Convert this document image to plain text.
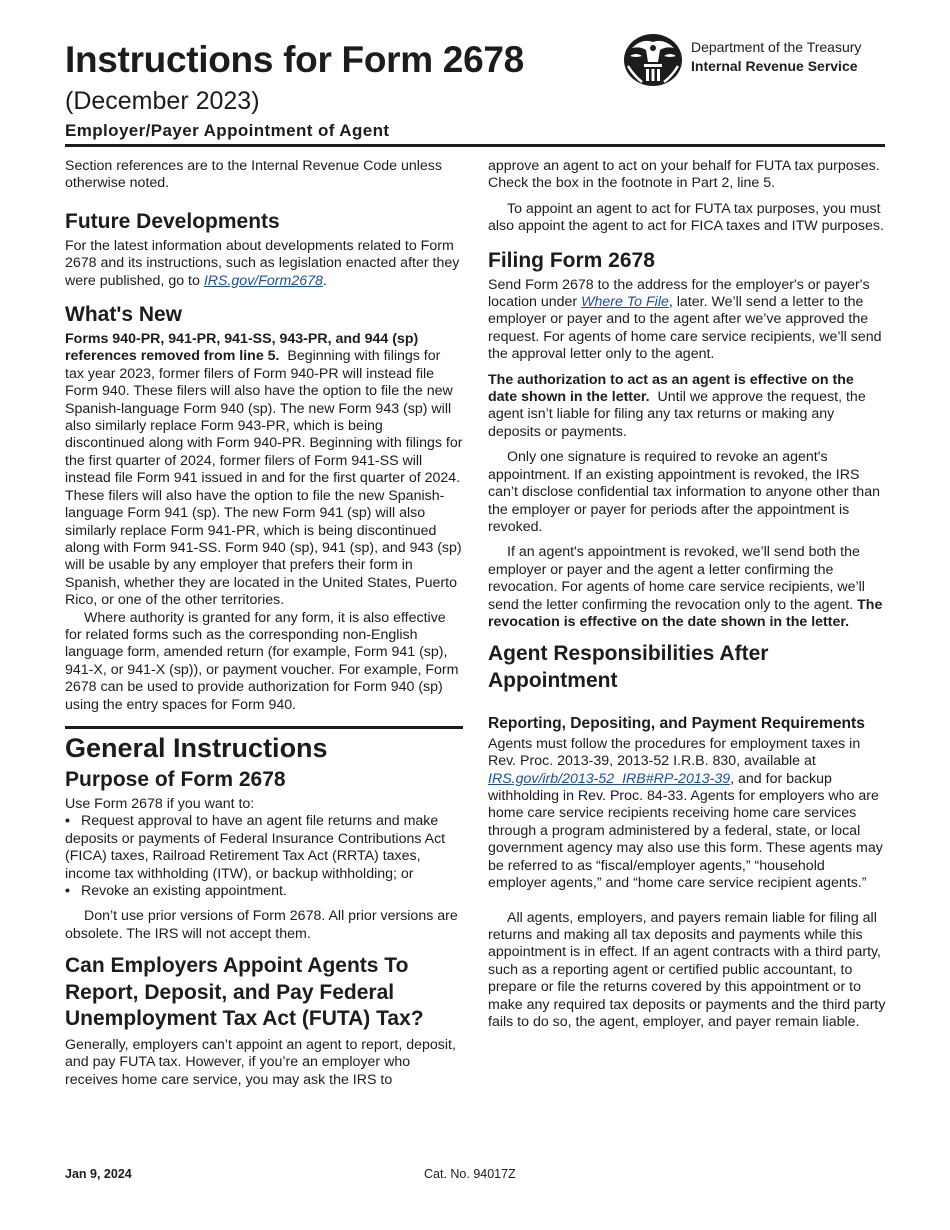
Instructions for Form 2678
(December 2023)
Employer/Payer Appointment of Agent
Department of the Treasury
Internal Revenue Service

Section references are to the Internal Revenue Code unless otherwise noted.

Future Developments

For the latest information about developments related to Form 2678 and its instructions, such as legislation enacted after they were published, go to IRS.gov/Form2678.

What's New

Forms 940-PR, 941-PR, 941-SS, 943-PR, and 944 (sp) references removed from line 5. Beginning with filings for tax year 2023, former filers of Form 940-PR will instead file Form 940. These filers will also have the option to file the new Spanish-language Form 940 (sp). The new Form 943 (sp) will also similarly replace Form 943-PR, which is being discontinued along with Form 940-PR. Beginning with filings for the first quarter of 2024, former filers of Form 941-SS will instead file Form 941 issued in and for the first quarter of 2024. These filers will also have the option to file the new Spanish-language Form 941 (sp). The new Form 941 (sp) will also similarly replace Form 941-PR, which is being discontinued along with Form 941-SS. Form 940 (sp), 941 (sp), and 943 (sp) will be usable by any employer that prefers their form in Spanish, whether they are located in the United States, Puerto Rico, or one of the other territories.

Where authority is granted for any form, it is also effective for related forms such as the corresponding non-English language form, amended return (for example, Form 941 (sp), 941-X, or 941-X (sp)), or payment voucher. For example, Form 2678 can be used to provide authorization for Form 940 (sp) using the entry spaces for Form 940.

General Instructions
Purpose of Form 2678

Use Form 2678 if you want to:

• Request approval to have an agent file returns and make deposits or payments of Federal Insurance Contributions Act (FICA) taxes, Railroad Retirement Tax Act (RRTA) taxes, income tax withholding (ITW), or backup withholding; or

• Revoke an existing appointment.

Don’t use prior versions of Form 2678. All prior versions are obsolete. The IRS will not accept them.

Can Employers Appoint Agents To Report, Deposit, and Pay Federal Unemployment Tax Act (FUTA) Tax?

Generally, employers can’t appoint an agent to report, deposit, and pay FUTA tax. However, if you’re an employer who receives home care service, you may ask the IRS to

approve an agent to act on your behalf for FUTA tax purposes. Check the box in the footnote in Part 2, line 5.

To appoint an agent to act for FUTA tax purposes, you must also appoint the agent to act for FICA taxes and ITW purposes.

Filing Form 2678

Send Form 2678 to the address for the employer's or payer's location under Where To File, later. We’ll send a letter to the employer or payer and to the agent after we’ve approved the request. For agents of home care service recipients, we’ll send the approval letter only to the agent.

The authorization to act as an agent is effective on the date shown in the letter. Until we approve the request, the agent isn’t liable for filing any tax returns or making any deposits or payments.

Only one signature is required to revoke an agent's appointment. If an existing appointment is revoked, the IRS can’t disclose confidential tax information to anyone other than the employer or payer for periods after the appointment is revoked.

If an agent's appointment is revoked, we’ll send both the employer or payer and the agent a letter confirming the revocation. For agents of home care service recipients, we’ll send the letter confirming the revocation only to the agent. The revocation is effective on the date shown in the letter.

Agent Responsibilities After Appointment
Reporting, Depositing, and Payment Requirements

Agents must follow the procedures for employment taxes in Rev. Proc. 2013-39, 2013-52 I.R.B. 830, available at IRS.gov/irb/2013-52_IRB#RP-2013-39, and for backup withholding in Rev. Proc. 84-33. Agents for employers who are home care service recipients receiving home care services through a program administered by a federal, state, or local government agency may also use this form. These agents may be referred to as “fiscal/employer agents,” “household employer agents,” and “home care service recipient agents.”

All agents, employers, and payers remain liable for filing all returns and making all tax deposits and payments while this appointment is in effect. If an agent contracts with a third party, such as a reporting agent or certified public accountant, to prepare or file the returns covered by this appointment or to make any required tax deposits or payments and the third party fails to do so, the agent, employer, and payer remain liable.

Jan 9, 2024	Cat. No. 94017Z
